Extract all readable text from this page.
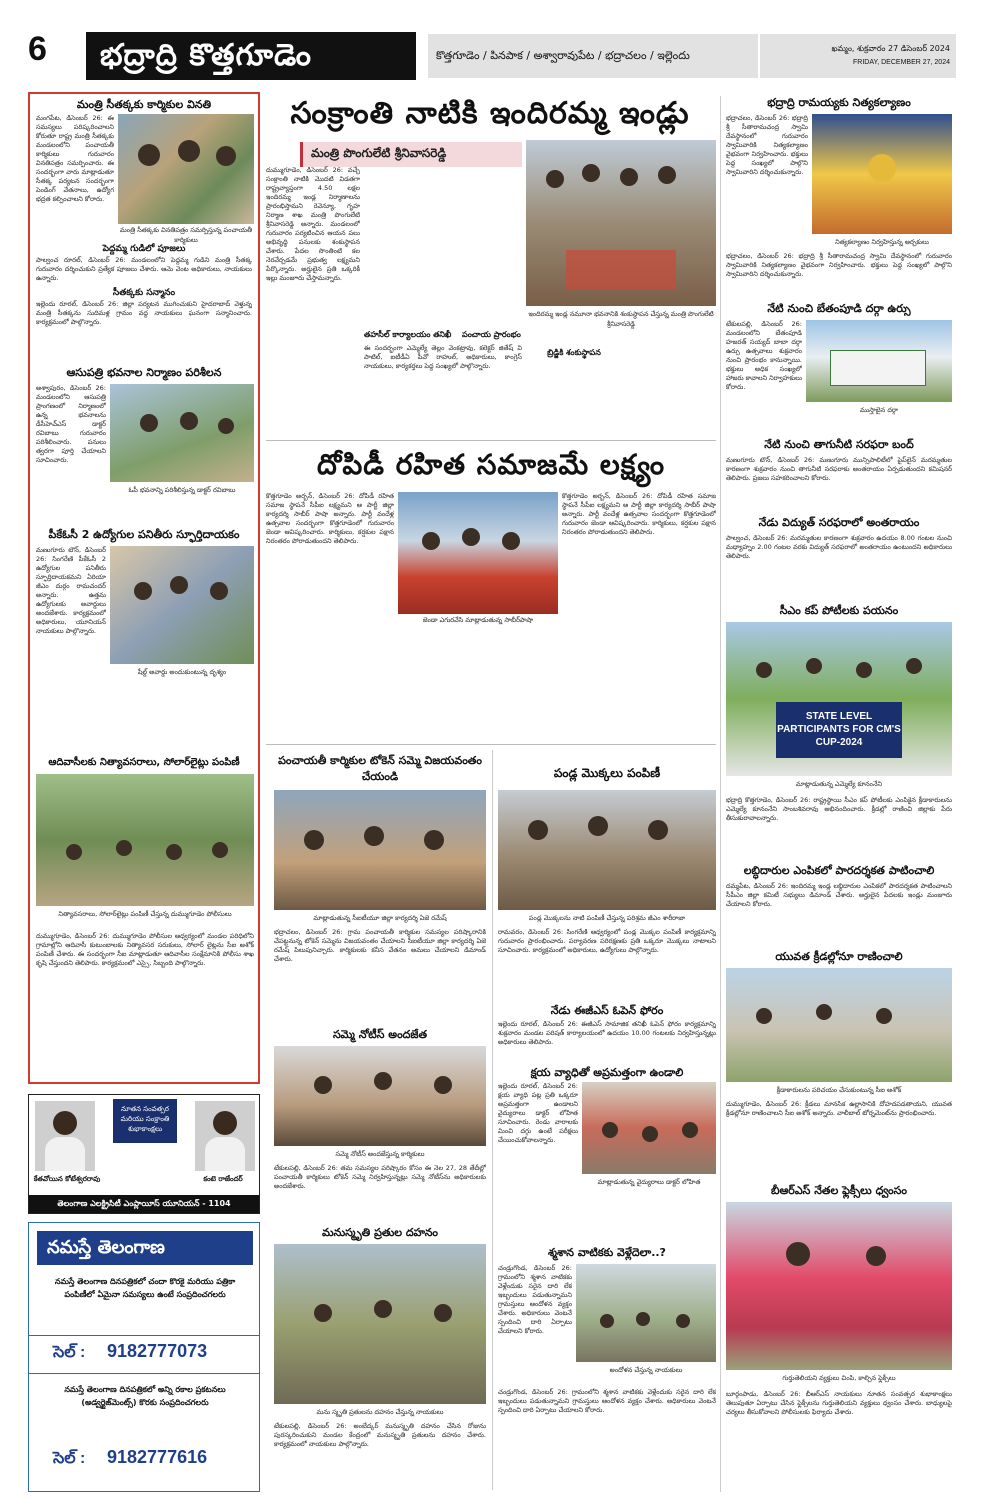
6	భద్రాద్రి కొత్తగూడెం	కొత్తగూడెం / పినపాక / అశ్వారావుపేట / భద్రాచలం / ఇల్లెందు
ఖమ్మం, శుక్రవారం 27 డిసెంబర్ 2024
FRIDAY, DECEMBER 27, 2024
మంత్రి సీతక్కకు కార్మికుల వినతి
మంగపేట, డిసెంబర్ 26: ఈ సమస్యలు పరిష్కరించాలని కోరుతూ రాష్ట్ర మంత్రి సీతక్కకు మండలంలోని పంచాయతీ కార్మికులు గురువారం వినతిపత్రం సమర్పించారు. ఈ సందర్భంగా వారు మాట్లాడుతూ సీతక్క పర్యటన సందర్భంగా పెండింగ్ వేతనాలు, ఉద్యోగ భద్రత కల్పించాలని కోరారు.
మంత్రి సీతక్కకు వినతిపత్రం సమర్పిస్తున్న పంచాయతీ కార్మికులు
పెద్దమ్మ గుడిలో పూజలు
పాల్వంచ రూరల్, డిసెంబర్ 26: మండలంలోని పెద్దమ్మ గుడిని మంత్రి సీతక్క గురువారం దర్శించుకుని ప్రత్యేక పూజలు చేశారు. ఆమె వెంట అధికారులు, నాయకులు ఉన్నారు.
సీతక్కకు సన్మానం
ఇల్లెందు రూరల్, డిసెంబర్ 26: జిల్లా పర్యటన ముగించుకుని హైదరాబాద్ వెళ్తున్న మంత్రి సీతక్కను సుదిమళ్ల గ్రామం వద్ద నాయకులు ఘనంగా సన్మానించారు. కార్యక్రమంలో పాల్గొన్నారు.
ఆసుపత్రి భవనాల నిర్మాణం పరిశీలన
అశ్వాపురం, డిసెంబర్ 26: మండలంలోని ఆసుపత్రి ప్రాంగణంలో నిర్మాణంలో ఉన్న భవనాలను డీసీహెచ్ఎస్ డాక్టర్ రవిబాబు గురువారం పరిశీలించారు. పనులు త్వరగా పూర్తి చేయాలని సూచించారు.
ఓపీ భవనాన్ని పరిశీలిస్తున్న డాక్టర్ రవిబాబు
పీకేఓసీ 2 ఉద్యోగుల పనితీరు స్ఫూర్తిదాయకం
మణుగూరు టౌన్, డిసెంబర్ 26: సింగరేణి పీకేఓసీ 2 ఉద్యోగుల పనితీరు స్ఫూర్తిదాయకమని ఏరియా జీఎం దుర్గం రామచందర్ అన్నారు. ఉత్తమ ఉద్యోగులకు అవార్డులు అందజేశారు. కార్యక్రమంలో అధికారులు, యూనియన్ నాయకులు పాల్గొన్నారు.
షీల్డ్ అవార్డు అందుకుంటున్న దృశ్యం
ఆదివాసీలకు నిత్యావసరాలు, సోలార్‌లైట్లు పంపిణీ
నిత్యావసరాలు, సోలార్‌లైట్లు పంపిణీ చేస్తున్న దుమ్ముగూడెం పోలీసులు
దుమ్ముగూడెం, డిసెంబర్ 26: దుమ్ముగూడెం పోలీసుల ఆధ్వర్యంలో మండల పరిధిలోని గ్రామాల్లోని ఆదివాసీ కుటుంబాలకు నిత్యావసర సరుకులు, సోలార్ లైట్లను సీఐ అశోక్ పంపిణీ చేశారు. ఈ సందర్భంగా సీఐ మాట్లాడుతూ ఆదివాసీల సంక్షేమానికి పోలీసు శాఖ కృషి చేస్తుందని తెలిపారు. కార్యక్రమంలో ఎస్సై, సిబ్బంది పాల్గొన్నారు.
నూతన సంవత్సర మరియు సంక్రాంతి శుభాకాంక్షలు
కేతవోయిన కోటేశ్వరరావు	కంటె రాజేందర్
తెలంగాణ ఎలక్ట్రిసిటీ ఎంప్లాయీస్ యూనియన్ - 1104
నమస్తే తెలంగాణ
నమస్తే తెలంగాణ దినపత్రికలో చందా కొరకై మరియు పత్రికా పంపిణీలో ఏమైనా సమస్యలు ఉంటే సంప్రదించగలరు
సెల్ : 9182777073
నమస్తే తెలంగాణ దినపత్రికలో అన్ని రకాల ప్రకటనలు (అడ్వర్టైజ్‌మెంట్స్) కొరకు సంప్రదించగలరు
సెల్ : 9182777616
సంక్రాంతి నాటికి ఇందిరమ్మ ఇండ్లు
మంత్రి పొంగులేటి శ్రీనివాసరెడ్డి
దుమ్ముగూడెం, డిసెంబర్ 26: వచ్చే సంక్రాంతి నాటికి మొదటి విడతగా రాష్ట్రవ్యాప్తంగా 4.50 లక్షల ఇందిరమ్మ ఇండ్ల నిర్మాణాలను ప్రారంభిస్తామని రెవెన్యూ, గృహ నిర్మాణ శాఖ మంత్రి పొంగులేటి శ్రీనివాసరెడ్డి అన్నారు. మండలంలో గురువారం పర్యటించిన ఆయన పలు అభివృద్ధి పనులకు శంకుస్థాపన చేశారు. పేదల సొంతింటి కల నెరవేర్చడమే ప్రభుత్వ లక్ష్యమని పేర్కొన్నారు. అర్హులైన ప్రతి ఒక్కరికీ ఇల్లు మంజూరు చేస్తామన్నారు.
ఇందిరమ్మ ఇండ్ల నమూనా భవనానికి శంకుస్థాపన చేస్తున్న మంత్రి పొంగులేటి శ్రీనివాసరెడ్డి
తహసీల్ కార్యాలయం తనిఖీ	పంచాయ ప్రారంభం
బ్రిడ్జికి శంకుస్థాపన
ఈ సందర్భంగా ఎమ్మెల్యే తెల్లం వెంకట్రావు, కలెక్టర్ జితేష్ వి పాటిల్, ఐటీడీఏ పీవో రాహుల్, అధికారులు, కాంగ్రెస్ నాయకులు, కార్యకర్తలు పెద్ద సంఖ్యలో పాల్గొన్నారు.
దోపిడీ రహిత సమాజమే లక్ష్యం
కొత్తగూడెం అర్బన్, డిసెంబర్ 26: దోపిడీ రహిత సమాజ స్థాపనే సీపీఐ లక్ష్యమని ఆ పార్టీ జిల్లా కార్యదర్శి సాబీర్ పాషా అన్నారు. పార్టీ వందేళ్ల ఉత్సవాల సందర్భంగా కొత్తగూడెంలో గురువారం జెండా ఆవిష్కరించారు. కార్మికులు, కర్షకుల పక్షాన నిరంతరం పోరాడుతుందని తెలిపారు.
జెండా ఎగురవేసి మాట్లాడుతున్న సాబీర్‌పాషా
కొత్తగూడెం అర్బన్, డిసెంబర్ 26: దోపిడీ రహిత సమాజ స్థాపనే సీపీఐ లక్ష్యమని ఆ పార్టీ జిల్లా కార్యదర్శి సాబీర్ పాషా అన్నారు. పార్టీ వందేళ్ల ఉత్సవాల సందర్భంగా కొత్తగూడెంలో గురువారం జెండా ఆవిష్కరించారు. కార్మికులు, కర్షకుల పక్షాన నిరంతరం పోరాడుతుందని తెలిపారు.
పంచాయతీ కార్మికుల టోకెన్ సమ్మె విజయవంతం చేయండి
మాట్లాడుతున్న సీఐటీయూ జిల్లా కార్యదర్శి ఏజె రమేష్
భద్రాచలం, డిసెంబర్ 26: గ్రామ పంచాయతీ కార్మికుల సమస్యల పరిష్కారానికి చేపట్టనున్న టోకెన్ సమ్మెను విజయవంతం చేయాలని సీఐటీయూ జిల్లా కార్యదర్శి ఏజె రమేష్ పిలుపునిచ్చారు. కార్మికులకు కనీస వేతనం అమలు చేయాలని డిమాండ్ చేశారు.
సమ్మె నోటీస్ అందజేత
సమ్మె నోటీస్ అందజేస్తున్న కార్మికులు
టేకులపల్లి, డిసెంబర్ 26: తమ సమస్యల పరిష్కారం కోసం ఈ నెల 27, 28 తేదీల్లో పంచాయతీ కార్మికులు టోకెన్ సమ్మె నిర్వహిస్తున్నట్లు సమ్మె నోటీస్‌ను అధికారులకు అందజేశారు.
మనుస్మృతి ప్రతుల దహనం
మను స్మృతి ప్రతులను దహనం చేస్తున్న నాయకులు
టేకులపల్లి, డిసెంబర్ 26: అంబేద్కర్ మనుస్మృతి దహనం చేసిన రోజును పురస్కరించుకుని మండల కేంద్రంలో మనుస్మృతి ప్రతులను దహనం చేశారు. కార్యక్రమంలో నాయకులు పాల్గొన్నారు.
పండ్ల మొక్కలు పంపిణీ
పండ్ల మొక్కలను నాటి పంపిణీ చేస్తున్న పరిశ్రమ జీఎం శారీరాజా
రామవరం, డిసెంబర్ 26: సింగరేణి ఆధ్వర్యంలో పండ్ల మొక్కల పంపిణీ కార్యక్రమాన్ని గురువారం ప్రారంభించారు. పర్యావరణ పరిరక్షణకు ప్రతి ఒక్కరూ మొక్కలు నాటాలని సూచించారు. కార్యక్రమంలో అధికారులు, ఉద్యోగులు పాల్గొన్నారు.
నేడు ఈజీఎస్ ఓపెన్ ఫోరం
ఇల్లెందు రూరల్, డిసెంబర్ 26: ఈజీఎస్ సామాజిక తనిఖీ ఓపెన్ ఫోరం కార్యక్రమాన్ని శుక్రవారం మండల పరిషత్ కార్యాలయంలో ఉదయం 10.00 గంటలకు నిర్వహిస్తున్నట్లు అధికారులు తెలిపారు.
క్షయ వ్యాధితో అప్రమత్తంగా ఉండాలి
ఇల్లెందు రూరల్, డిసెంబర్ 26: క్షయ వ్యాధి పట్ల ప్రతి ఒక్కరూ అప్రమత్తంగా ఉండాలని వైద్యురాలు డాక్టర్ లోహిత సూచించారు. రెండు వారాలకు మించి దగ్గు ఉంటే పరీక్షలు చేయించుకోవాలన్నారు.
మాట్లాడుతున్న వైద్యురాలు డాక్టర్ లోహిత
శ్మశాన వాటికకు వెళ్లేదెలా..?
చండ్రుగొండ, డిసెంబర్ 26: గ్రామంలోని శ్మశాన వాటికకు వెళ్లేందుకు సరైన దారి లేక ఇబ్బందులు పడుతున్నామని గ్రామస్తులు ఆందోళన వ్యక్తం చేశారు. అధికారులు వెంటనే స్పందించి దారి ఏర్పాటు చేయాలని కోరారు.
అందోళన చేస్తున్న నాయకులు
చండ్రుగొండ, డిసెంబర్ 26: గ్రామంలోని శ్మశాన వాటికకు వెళ్లేందుకు సరైన దారి లేక ఇబ్బందులు పడుతున్నామని గ్రామస్తులు ఆందోళన వ్యక్తం చేశారు. అధికారులు వెంటనే స్పందించి దారి ఏర్పాటు చేయాలని కోరారు.
భద్రాద్రి రామయ్యకు నిత్యకల్యాణం
భద్రాచలం, డిసెంబర్ 26: భద్రాద్రి శ్రీ సీతారామచంద్ర స్వామి దేవస్థానంలో గురువారం స్వామివారికి నిత్యకల్యాణం వైభవంగా నిర్వహించారు. భక్తులు పెద్ద సంఖ్యలో పాల్గొని స్వామివారిని దర్శించుకున్నారు.
నిత్యకల్యాణం నిర్వహిస్తున్న అర్చకులు
భద్రాచలం, డిసెంబర్ 26: భద్రాద్రి శ్రీ సీతారామచంద్ర స్వామి దేవస్థానంలో గురువారం స్వామివారికి నిత్యకల్యాణం వైభవంగా నిర్వహించారు. భక్తులు పెద్ద సంఖ్యలో పాల్గొని స్వామివారిని దర్శించుకున్నారు.
నేటి నుంచి బేతంపూడి దర్గా ఉర్సు
టేకులపల్లి, డిసెంబర్ 26: మండలంలోని బేతంపూడి హజరత్ సయ్యద్ బాబా దర్గా ఉర్సు ఉత్సవాలు శుక్రవారం నుంచి ప్రారంభం కానున్నాయి. భక్తులు అధిక సంఖ్యలో హాజరు కావాలని నిర్వాహకులు కోరారు.
ముస్తాబైన దర్గా
నేటి నుంచి తాగునీటి సరఫరా బంద్
మణుగూరు టౌన్, డిసెంబర్ 26: మణుగూరు మున్సిపాలిటీలో పైప్‌లైన్ మరమ్మతుల కారణంగా శుక్రవారం నుంచి తాగునీటి సరఫరాకు అంతరాయం ఏర్పడుతుందని కమిషనర్ తెలిపారు. ప్రజలు సహకరించాలని కోరారు.
నేడు విద్యుత్ సరఫరాలో అంతరాయం
పాల్వంచ, డిసెంబర్ 26: మరమ్మతుల కారణంగా శుక్రవారం ఉదయం 8.00 గంటల నుంచి మధ్యాహ్నం 2.00 గంటల వరకు విద్యుత్ సరఫరాలో అంతరాయం ఉంటుందని అధికారులు తెలిపారు.
సీఎం కప్ పోటీలకు పయనం
STATE LEVEL PARTICIPANTS FOR CM'S CUP-2024
మాట్లాడుతున్న ఎమ్మెల్యే కూనంనేని
భద్రాద్రి కొత్తగూడెం, డిసెంబర్ 26: రాష్ట్రస్థాయి సీఎం కప్ పోటీలకు ఎంపికైన క్రీడాకారులను ఎమ్మెల్యే కూనంనేని సాంబశివరావు అభినందించారు. క్రీడల్లో రాణించి జిల్లాకు పేరు తీసుకురావాలన్నారు.
లబ్ధిదారుల ఎంపికలో పారదర్శకత పాటించాలి
దమ్మపేట, డిసెంబర్ 26: ఇందిరమ్మ ఇండ్ల లబ్ధిదారుల ఎంపికలో పారదర్శకత పాటించాలని సీపీఎం జిల్లా కమిటీ సభ్యులు డిమాండ్ చేశారు. అర్హులైన పేదలకు ఇండ్లు మంజూరు చేయాలని కోరారు.
యువత క్రీడల్లోనూ రాణించాలి
క్రీడాకారులను పరిచయం చేసుకుంటున్న సీఐ అశోక్
దుమ్ముగూడెం, డిసెంబర్ 26: క్రీడలు మానసిక ఉల్లాసానికి దోహదపడతాయని, యువత క్రీడల్లోనూ రాణించాలని సీఐ అశోక్ అన్నారు. వాలీబాల్ టోర్నమెంట్‌ను ప్రారంభించారు.
బీఆర్ఎస్ నేతల ఫ్లెక్సీలు ధ్వంసం
గుర్తుతెలియని వ్యక్తులు చింపి, కాల్చిన ఫ్లెక్సీలు
బూర్గంపాడు, డిసెంబర్ 26: బీఆర్ఎస్ నాయకులు నూతన సంవత్సర శుభాకాంక్షలు తెలుపుతూ ఏర్పాటు చేసిన ఫ్లెక్సీలను గుర్తుతెలియని వ్యక్తులు ధ్వంసం చేశారు. బాధ్యులపై చర్యలు తీసుకోవాలని పోలీసులకు ఫిర్యాదు చేశారు.
